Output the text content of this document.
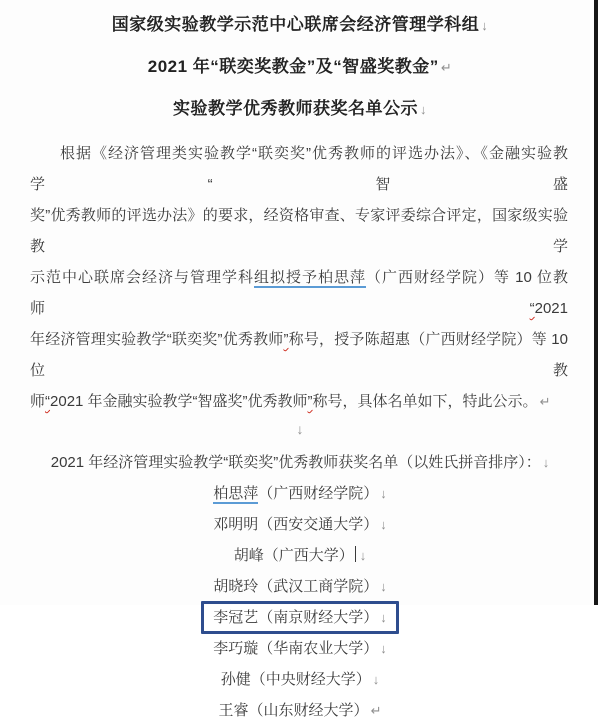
国家级实验教学示范中心联席会经济管理学科组 ↓
2021 年“联奕奖教金”及“智盛奖教金” ↵
实验教学优秀教师获奖名单公示 ↓
根据《经济管理类实验教学“联奕奖”优秀教师的评选办法》、《金融实验教学“智盛
奖”优秀教师的评选办法》的要求，经资格审查、专家评委综合评定，国家级实验教学
示范中心联席会经济与管理学科组拟授予柏思萍（广西财经学院）等 10 位教师“2021
年经济管理实验教学“联奕奖”优秀教师”称号，授予陈超惠（广西财经学院）等 10 位教
师“2021 年金融实验教学“智盛奖”优秀教师”称号，具体名单如下，特此公示。 ↵
↓
2021 年经济管理实验教学“联奕奖”优秀教师获奖名单（以姓氏拼音排序）： ↓
柏思萍（广西财经学院） ↓
邓明明（西安交通大学） ↓
胡峰（广西大学） ↓
胡晓玲（武汉工商学院） ↓
李冠艺（南京财经大学） ↓
李巧璇（华南农业大学） ↓
孙健（中央财经大学） ↓
王睿（山东财经大学） ↵
